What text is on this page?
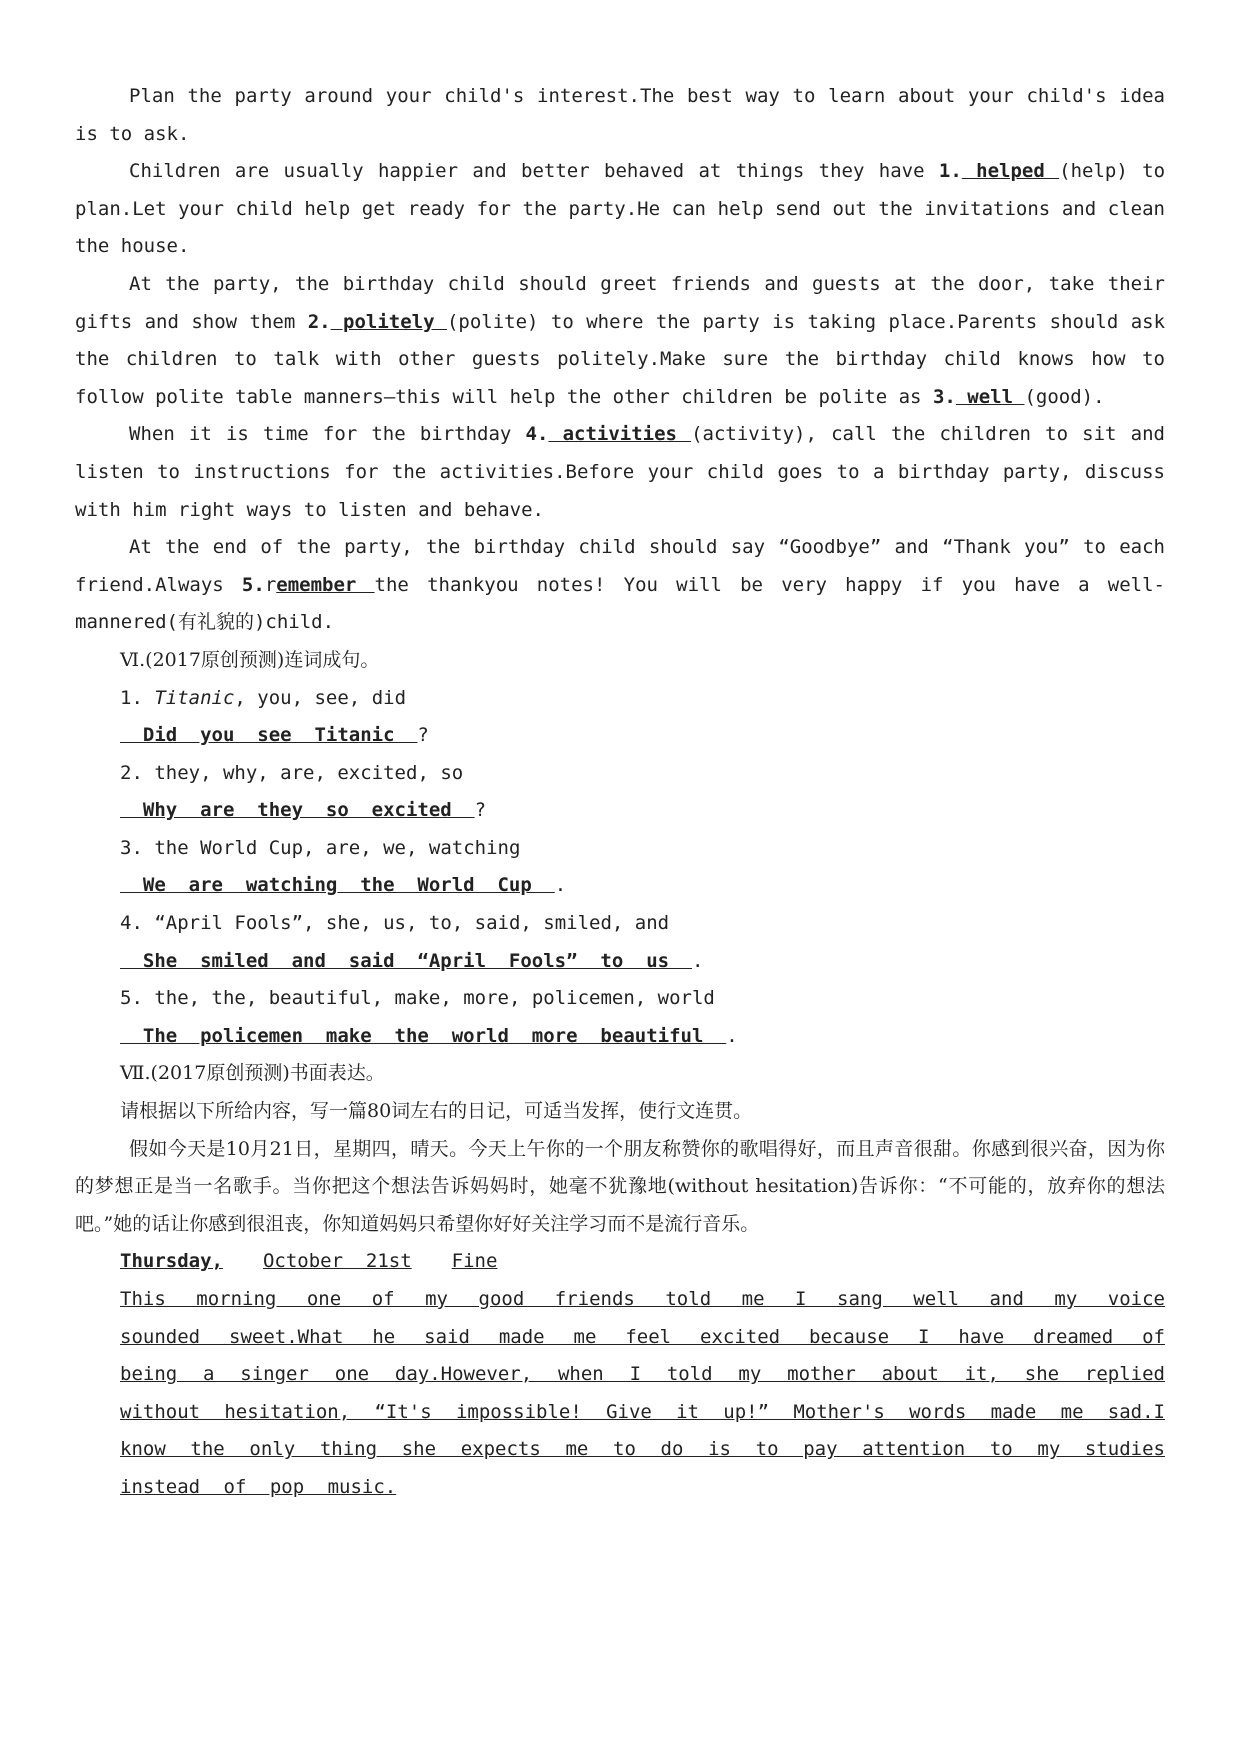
Plan the party around your child's interest.The best way to learn about your child's idea is to ask.

Children are usually happier and better behaved at things they have 1. helped (help) to plan.Let your child help get ready for the party.He can help send out the invitations and clean the house.

At the party, the birthday child should greet friends and guests at the door, take their gifts and show them 2. politely (polite) to where the party is taking place.Parents should ask the children to talk with other guests politely.Make sure the birthday child knows how to follow polite table manners—this will help the other children be polite as 3. well (good).

When it is time for the birthday 4. activities (activity), call the children to sit and listen to instructions for the activities.Before your child goes to a birthday party, discuss with him right ways to listen and behave.

At the end of the party, the birthday child should say “Goodbye” and “Thank you” to each friend.Always 5.remember the thankyou notes! You will be very happy if you have a well-mannered(有礼貌的)child.

Ⅵ.(2017原创预测)连词成句。

1. Titanic, you, see, did

Did  you  see  Titanic  ?

2. they, why, are, excited, so

Why  are  they  so  excited  ?

3. the World Cup, are, we, watching

We  are  watching  the  World  Cup  .

4. “April Fools”, she, us, to, said, smiled, and

She  smiled  and  said  “April  Fools”  to  us  .

5. the, the, beautiful, make, more, policemen, world

The  policemen  make  the  world  more  beautiful  .

Ⅶ.(2017原创预测)书面表达。

请根据以下所给内容，写一篇80词左右的日记，可适当发挥，使行文连贯。

假如今天是10月21日，星期四，晴天。今天上午你的一个朋友称赞你的歌唱得好，而且声音很甜。你感到很兴奋，因为你的梦想正是当一名歌手。当你把这个想法告诉妈妈时，她毫不犹豫地(without hesitation)告诉你：“不可能的，放弃你的想法吧。”她的话让你感到很沮丧，你知道妈妈只希望你好好关注学习而不是流行音乐。

Thursday, October  21st Fine

This morning one of my good friends told me I sang well and my voice sounded sweet.What he said made me feel excited because I have dreamed of being a singer one day.However, when I told my mother about it, she replied without hesitation, “It's impossible! Give it up!” Mother's words made me sad.I know the only thing she expects me to do is to pay attention to my studies instead of pop music.
